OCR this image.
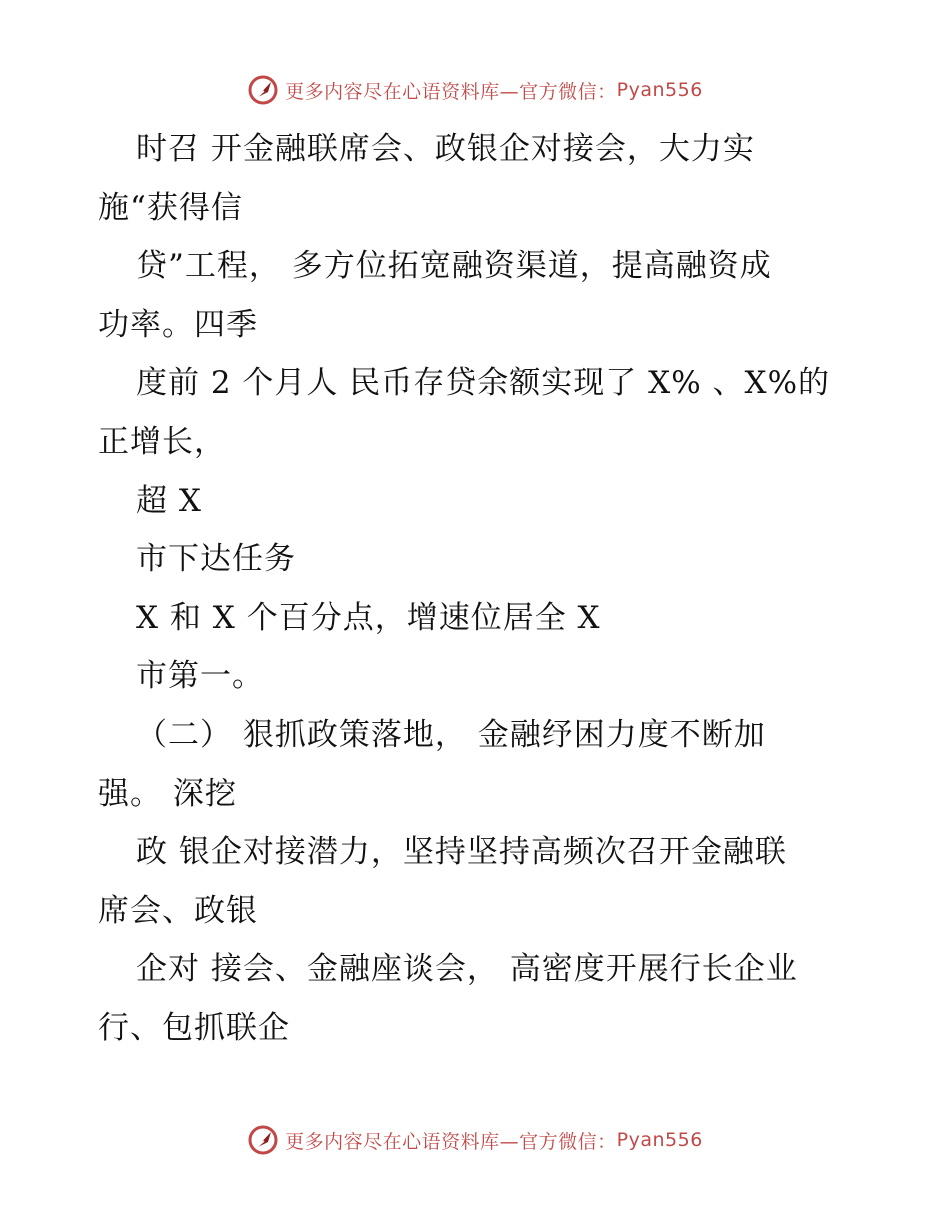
更多内容尽在心语资料库—官方微信： Pyan556
时召 开金融联席会、政银企对接会，大力实
施“获得信
贷”工程， 多方位拓宽融资渠道，提高融资成
功率。四季
度前 2 个月人 民币存贷余额实现了 X% 、X%的
正增长，
超 X
市下达任务
X 和 X 个百分点，增速位居全 X
市第一。
（二） 狠抓政策落地， 金融纾困力度不断加
强。 深挖
政 银企对接潜力，坚持坚持高频次召开金融联
席会、政银
企对 接会、金融座谈会， 高密度开展行长企业
行、包抓联企
更多内容尽在心语资料库—官方微信： Pyan556
